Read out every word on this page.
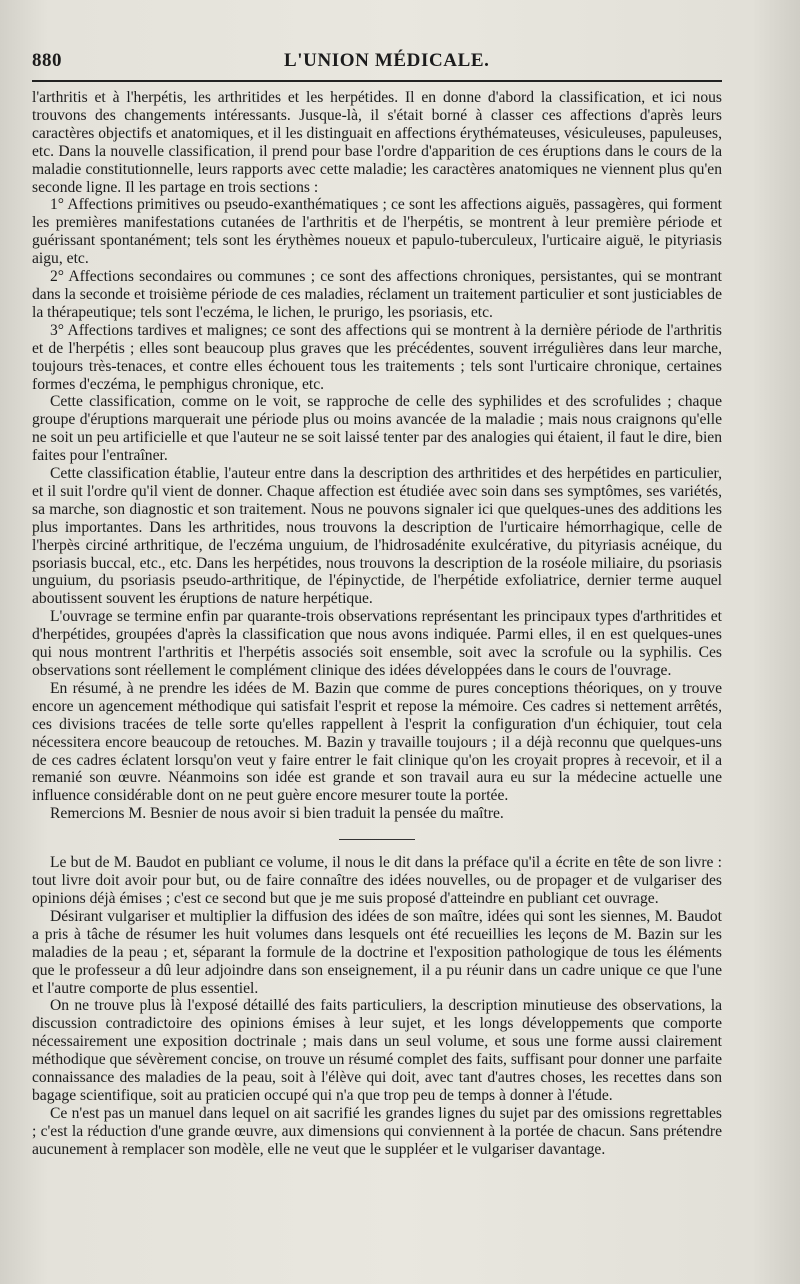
880	L'UNION MÉDICALE.

l'arthritis et à l'herpétis, les arthritides et les herpétides. Il en donne d'abord la classification, et ici nous trouvons des changements intéressants. Jusque-là, il s'était borné à classer ces affections d'après leurs caractères objectifs et anatomiques, et il les distinguait en affections érythémateuses, vésiculeuses, papuleuses, etc. Dans la nouvelle classification, il prend pour base l'ordre d'apparition de ces éruptions dans le cours de la maladie constitutionnelle, leurs rapports avec cette maladie; les caractères anatomiques ne viennent plus qu'en seconde ligne. Il les partage en trois sections :

1° Affections primitives ou pseudo-exanthématiques ; ce sont les affections aiguës, passagères, qui forment les premières manifestations cutanées de l'arthritis et de l'herpétis, se montrent à leur première période et guérissant spontanément; tels sont les érythèmes noueux et papulo-tuberculeux, l'urticaire aiguë, le pityriasis aigu, etc.

2° Affections secondaires ou communes ; ce sont des affections chroniques, persistantes, qui se montrant dans la seconde et troisième période de ces maladies, réclament un traitement particulier et sont justiciables de la thérapeutique; tels sont l'eczéma, le lichen, le prurigo, les psoriasis, etc.

3° Affections tardives et malignes; ce sont des affections qui se montrent à la dernière période de l'arthritis et de l'herpétis ; elles sont beaucoup plus graves que les précédentes, souvent irrégulières dans leur marche, toujours très-tenaces, et contre elles échouent tous les traitements ; tels sont l'urticaire chronique, certaines formes d'eczéma, le pemphigus chronique, etc.

Cette classification, comme on le voit, se rapproche de celle des syphilides et des scrofulides ; chaque groupe d'éruptions marquerait une période plus ou moins avancée de la maladie ; mais nous craignons qu'elle ne soit un peu artificielle et que l'auteur ne se soit laissé tenter par des analogies qui étaient, il faut le dire, bien faites pour l'entraîner.

Cette classification établie, l'auteur entre dans la description des arthritides et des herpétides en particulier, et il suit l'ordre qu'il vient de donner. Chaque affection est étudiée avec soin dans ses symptômes, ses variétés, sa marche, son diagnostic et son traitement. Nous ne pouvons signaler ici que quelques-unes des additions les plus importantes. Dans les arthritides, nous trouvons la description de l'urticaire hémorrhagique, celle de l'herpès circiné arthritique, de l'eczéma unguium, de l'hidrosadénite exulcérative, du pityriasis acnéique, du psoriasis buccal, etc., etc. Dans les herpétides, nous trouvons la description de la roséole miliaire, du psoriasis unguium, du psoriasis pseudo-arthritique, de l'épinyctide, de l'herpétide exfoliatrice, dernier terme auquel aboutissent souvent les éruptions de nature herpétique.

L'ouvrage se termine enfin par quarante-trois observations représentant les principaux types d'arthritides et d'herpétides, groupées d'après la classification que nous avons indiquée. Parmi elles, il en est quelques-unes qui nous montrent l'arthritis et l'herpétis associés soit ensemble, soit avec la scrofule ou la syphilis. Ces observations sont réellement le complément clinique des idées développées dans le cours de l'ouvrage.

En résumé, à ne prendre les idées de M. Bazin que comme de pures conceptions théoriques, on y trouve encore un agencement méthodique qui satisfait l'esprit et repose la mémoire. Ces cadres si nettement arrêtés, ces divisions tracées de telle sorte qu'elles rappellent à l'esprit la configuration d'un échiquier, tout cela nécessitera encore beaucoup de retouches. M. Bazin y travaille toujours ; il a déjà reconnu que quelques-uns de ces cadres éclatent lorsqu'on veut y faire entrer le fait clinique qu'on les croyait propres à recevoir, et il a remanié son œuvre. Néanmoins son idée est grande et son travail aura eu sur la médecine actuelle une influence considérable dont on ne peut guère encore mesurer toute la portée.

Remercions M. Besnier de nous avoir si bien traduit la pensée du maître.

Le but de M. Baudot en publiant ce volume, il nous le dit dans la préface qu'il a écrite en tête de son livre : tout livre doit avoir pour but, ou de faire connaître des idées nouvelles, ou de propager et de vulgariser des opinions déjà émises ; c'est ce second but que je me suis proposé d'atteindre en publiant cet ouvrage.

Désirant vulgariser et multiplier la diffusion des idées de son maître, idées qui sont les siennes, M. Baudot a pris à tâche de résumer les huit volumes dans lesquels ont été recueillies les leçons de M. Bazin sur les maladies de la peau ; et, séparant la formule de la doctrine et l'exposition pathologique de tous les éléments que le professeur a dû leur adjoindre dans son enseignement, il a pu réunir dans un cadre unique ce que l'une et l'autre comporte de plus essentiel.

On ne trouve plus là l'exposé détaillé des faits particuliers, la description minutieuse des observations, la discussion contradictoire des opinions émises à leur sujet, et les longs développements que comporte nécessairement une exposition doctrinale ; mais dans un seul volume, et sous une forme aussi clairement méthodique que sévèrement concise, on trouve un résumé complet des faits, suffisant pour donner une parfaite connaissance des maladies de la peau, soit à l'élève qui doit, avec tant d'autres choses, les recettes dans son bagage scientifique, soit au praticien occupé qui n'a que trop peu de temps à donner à l'étude.

Ce n'est pas un manuel dans lequel on ait sacrifié les grandes lignes du sujet par des omissions regrettables ; c'est la réduction d'une grande œuvre, aux dimensions qui conviennent à la portée de chacun. Sans prétendre aucunement à remplacer son modèle, elle ne veut que le suppléer et le vulgariser davantage.
